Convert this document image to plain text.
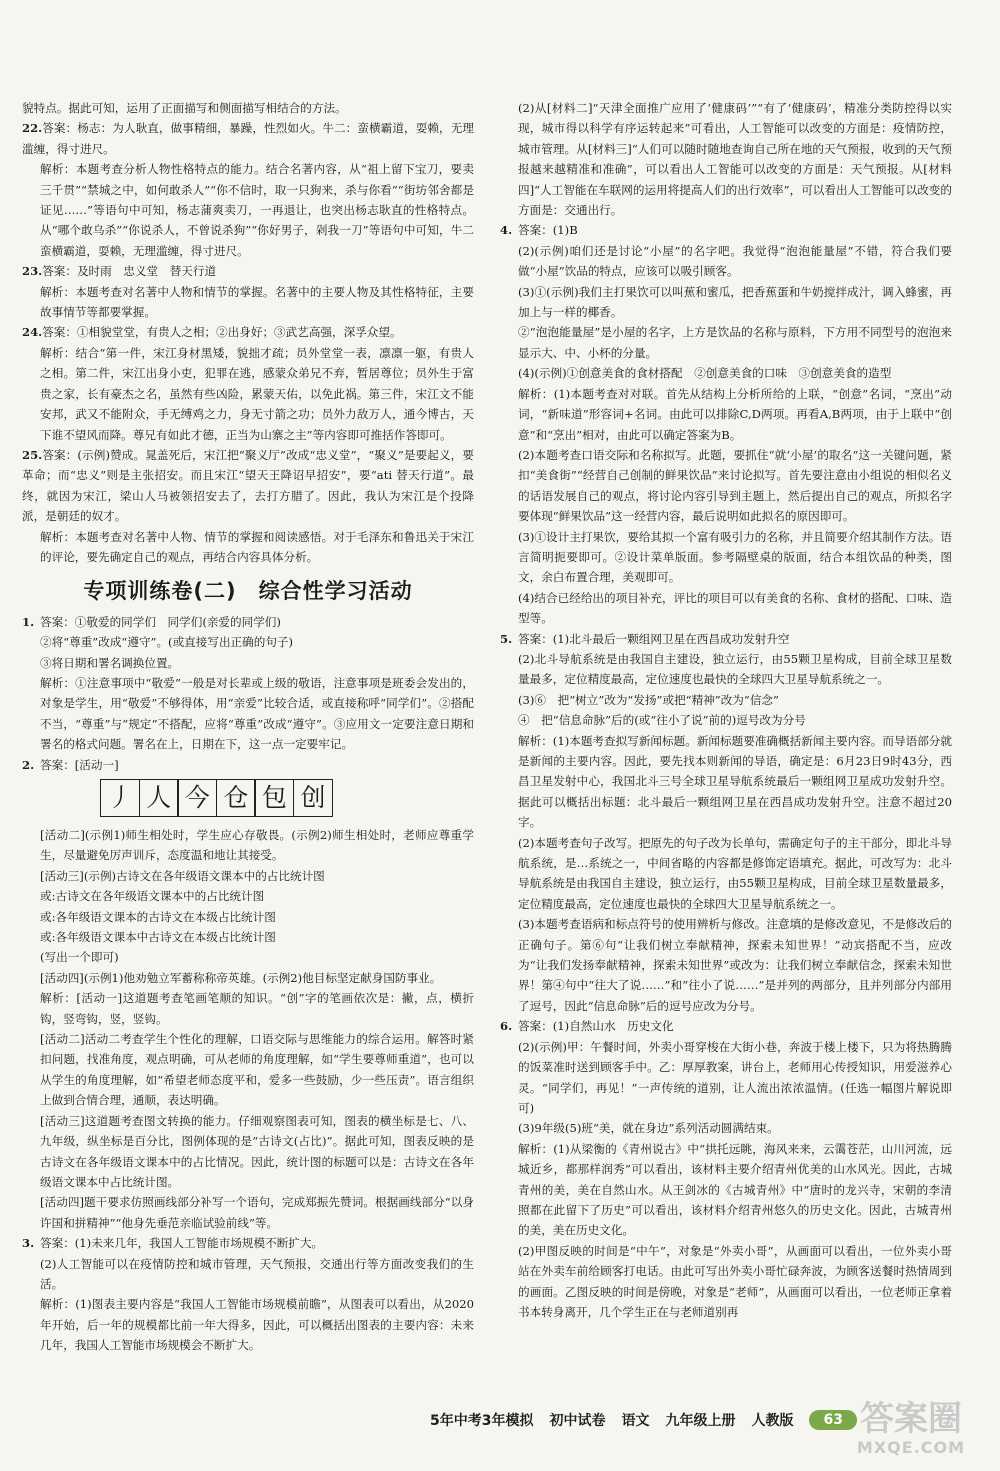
貌特点。据此可知，运用了正面描写和侧面描写相结合的方法。

22.答案：杨志：为人耿直，做事精细，暴躁，性烈如火。牛二：蛮横霸道，耍赖，无理滥缠，得寸进尺。

解析：本题考查分析人物性格特点的能力。结合名著内容，从“祖上留下宝刀，要卖三千贯”“禁城之中，如何敢杀人”“你不信时，取一只狗来，杀与你看”“街坊邻舍都是证见……”等语句中可知，杨志蒲爽卖刀，一再退让，也突出杨志耿直的性格特点。从“哪个敢乌杀”“你说杀人，不曾说杀狗”“你好男子，剁我一刀”等语句中可知，牛二蛮横霸道，耍赖，无理滥缠，得寸进尺。

23.答案：及时雨　忠义堂　替天行道

解析：本题考查对名著中人物和情节的掌握。名著中的主要人物及其性格特征，主要故事情节等都要掌握。

24.答案：①相貌堂堂，有贵人之相；②出身好；③武艺高强，深孚众望。

解析：结合“第一件，宋江身材黑矮，貌拙才疏；员外堂堂一表，凛凛一躯，有贵人之相。第二件，宋江出身小吏，犯罪在逃，感蒙众弟兄不弃，暂居尊位；员外生于富贵之家，长有豪杰之名，虽然有些凶险，累蒙天佑，以免此祸。第三件，宋江文不能安邦，武又不能附众，手无缚鸡之力，身无寸箭之功；员外力敌万人，通今博古，天下谁不望风而降。尊兄有如此才德，正当为山寨之主”等内容即可推括作答即可。

25.答案：(示例)赞成。晁盖死后，宋江把“聚义厅”改成“忠义堂”，“聚义”是要起义，要革命；而“忠义”则是主张招安。而且宋江“望天王降诏早招安”，要“ati 替天行道”。最终，就因为宋江，梁山人马被领招安去了，去打方腊了。因此，我认为宋江是个投降派，是朝廷的奴才。

解析：本题考查对名著中人物、情节的掌握和阅读感悟。对于毛泽东和鲁迅关于宋江的评论，要先确定自己的观点，再结合内容具体分析。

专项训练卷(二)　综合性学习活动

1. 答案：①敬爱的同学们　同学们(亲爱的同学们)

②将“尊重”改成“遵守”。(或直接写出正确的句子)

③将日期和署名调换位置。

解析：①注意事项中“敬爱”一般是对长辈或上级的敬语，注意事项是班委会发出的，对象是学生，用“敬爱”不够得体，用“亲爱”比较合适，或直接称呼“同学们”。②搭配不当，“尊重”与“规定”不搭配，应将“尊重”改成“遵守”。③应用文一定要注意日期和署名的格式问题。署名在上，日期在下，这一点一定要牢记。

2. 答案：[活动一]

丿 人 今 仓 包 创

[活动二](示例1)师生相处时，学生应心存敬畏。(示例2)师生相处时，老师应尊重学生，尽量避免厉声训斥，态度温和地让其接受。

[活动三](示例)古诗文在各年级语文课本中的占比统计图

或:古诗文在各年级语文课本中的占比统计图

或:各年级语文课本的古诗文在本级占比统计图

或:各年级语文课本中古诗文在本级占比统计图

(写出一个即可)

[活动四](示例1)他劝勉立军蓄称称帝英雄。(示例2)他目标坚定献身国防事业。

解析：[活动一]这道题考查笔画笔顺的知识。“创”字的笔画依次是：撇，点，横折钩，竖弯钩，竖，竖钩。

[活动二]活动二考查学生个性化的理解，口语交际与思维能力的综合运用。解答时紧扣问题，找准角度，观点明确，可从老师的角度理解，如“学生要尊师重道”，也可以从学生的角度理解，如“希望老师态度平和，爱多一些鼓励，少一些压责”。语言组织上做到合情合理，通顺，表达明确。

[活动三]这道题考查图文转换的能力。仔细观察图表可知，图表的横坐标是七、八、九年级，纵坐标是百分比，图例体现的是“古诗文(占比)”。据此可知，图表反映的是古诗文在各年级语文课本中的占比情况。因此，统计图的标题可以是：古诗文在各年级语文课本中占比统计图。

[活动四]题干要求仿照画线部分补写一个语句，完成郑振先赞词。根据画线部分“以身许国和拼精神”“他身先垂范亲临试验前线”等。

3. 答案：(1)未来几年，我国人工智能市场规模不断扩大。

(2)人工智能可以在疫情防控和城市管理，天气预报，交通出行等方面改变我们的生活。

解析：(1)图表主要内容是“我国人工智能市场规模前瞻”，从图表可以看出，从2020年开始，后一年的规模都比前一年大得多，因此，可以概括出图表的主要内容：未来几年，我国人工智能市场规模会不断扩大。

(2)从[材料二]“天津全面推广应用了‘健康码’”“有了‘健康码’，精准分类防控得以实现，城市得以科学有序运转起来”可看出，人工智能可以改变的方面是：疫情防控，城市管理。从[材料三]“人们可以随时随地查询自己所在地的天气预报，收到的天气预报越来越精准和准确”，可以看出人工智能可以改变的方面是：天气预报。从[材料四]“人工智能在车联网的运用将提高人们的出行效率”，可以看出人工智能可以改变的方面是：交通出行。

4. 答案：(1)B

(2)(示例)咱们还是讨论“小屋”的名字吧。我觉得“泡泡能量屋”不错，符合我们要做“小屋”饮品的特点，应该可以吸引顾客。

(3)①(示例)我们主打果饮可以叫蕉和蜜瓜，把香蕉蛋和牛奶搅拌成汁，调入蜂蜜，再加上与一样的椰香。

②“泡泡能量屋”是小屋的名字，上方是饮品的名称与原料，下方用不同型号的泡泡来显示大、中、小杯的分量。

(4)(示例)①创意美食的食材搭配　②创意美食的口味　③创意美食的造型

解析：(1)本题考查对对联。首先从结构上分析所给的上联，“创意”名词，“烹出”动词，“新味道”形容词+名词。由此可以排除C,D两项。再看A,B两项，由于上联中“创意”和“烹出”相对，由此可以确定答案为B。

(2)本题考查口语交际和名称拟写。此题，要抓住“就‘小屋’的取名”这一关键问题，紧扣“美食街”“经营自己创制的鲜果饮品”来讨论拟写。首先要注意由小组说的相似名义的话语发展自己的观点，将讨论内容引导到主题上，然后提出自己的观点，所拟名字要体现“鲜果饮品”这一经营内容，最后说明如此拟名的原因即可。

(3)①设计主打果饮，要给其拟一个富有吸引力的名称，并且简要介绍其制作方法。语言简明扼要即可。②设计菜单版面。参考隔壁桌的版面，结合本组饮品的种类，图文，余白布置合理，美观即可。

(4)结合已经给出的项目补充，评比的项目可以有美食的名称、食材的搭配、口味、造型等。

5. 答案：(1)北斗最后一颗组网卫星在西昌成功发射升空

(2)北斗导航系统是由我国自主建设，独立运行，由55颗卫星构成，目前全球卫星数量最多，定位精度最高，定位速度也最快的全球四大卫星导航系统之一。

(3)⑥　把“树立”改为“发扬”或把“精神”改为“信念”

④　把“信息命脉”后的(或“往小了说”前的)逗号改为分号

解析：(1)本题考查拟写新闻标题。新闻标题要准确概括新闻主要内容。而导语部分就是新闻的主要内容。因此，要先找本则新闻的导语，确定是：6月23日9时43分，西昌卫星发射中心，我国北斗三号全球卫星导航系统最后一颗组网卫星成功发射升空。据此可以概括出标题：北斗最后一颗组网卫星在西昌成功发射升空。注意不超过20字。

(2)本题考查句子改写。把原先的句子改为长单句，需确定句子的主干部分，即北斗导航系统，是…系统之一，中间省略的内容都是修饰定语填充。据此，可改写为：北斗导航系统是由我国自主建设，独立运行，由55颗卫星构成，目前全球卫星数量最多，定位精度最高，定位速度也最快的全球四大卫星导航系统之一。

(3)本题考查语病和标点符号的使用辨析与修改。注意填的是修改意见，不是修改后的正确句子。第⑥句“让我们树立奉献精神，探索未知世界！”动宾搭配不当，应改为“让我们发扬奉献精神，探索未知世界”或改为：让我们树立奉献信念，探索未知世界！第④句中“往大了说……”和“往小了说……”是并列的两部分，且并列部分内部用了逗号，因此“信息命脉”后的逗号应改为分号。

6. 答案：(1)自然山水　历史文化

(2)(示例)甲：午餐时间，外卖小哥穿梭在大街小巷，奔波于楼上楼下，只为将热腾腾的饭菜准时送到顾客手中。乙：厚厚教案，讲台上，老师用心传授知识，用爱滋养心灵。“同学们，再见！”一声传统的道别，让人流出浓浓温情。(任选一幅图片解说即可)

(3)9年级(5)班“美，就在身边”系列活动圆满结束。

解析：(1)从梁衡的《青州说古》中“拱托远眺，海风来来，云霭苍茫，山川河流，远城近乡，都那样润秀”可以看出，该材料主要介绍青州优美的山水风光。因此，古城青州的美，美在自然山水。从王剑冰的《古城青州》中“唐时的龙兴寺，宋朝的李清照都在此留下了历史”可以看出，该材料介绍青州悠久的历史文化。因此，古城青州的美，美在历史文化。

(2)甲图反映的时间是“中午”，对象是“外卖小哥”，从画面可以看出，一位外卖小哥站在外卖车前给顾客打电话。由此可写出外卖小哥忙碌奔波，为顾客送餐时热情周到的画面。乙图反映的时间是傍晚，对象是“老师”，从画面可以看出，一位老师正拿着书本转身离开，几个学生正在与老师道别再

5年中考3年模拟 初中试卷 语文 九年级上册 人教版	63 答案圈
MXQE.COM
